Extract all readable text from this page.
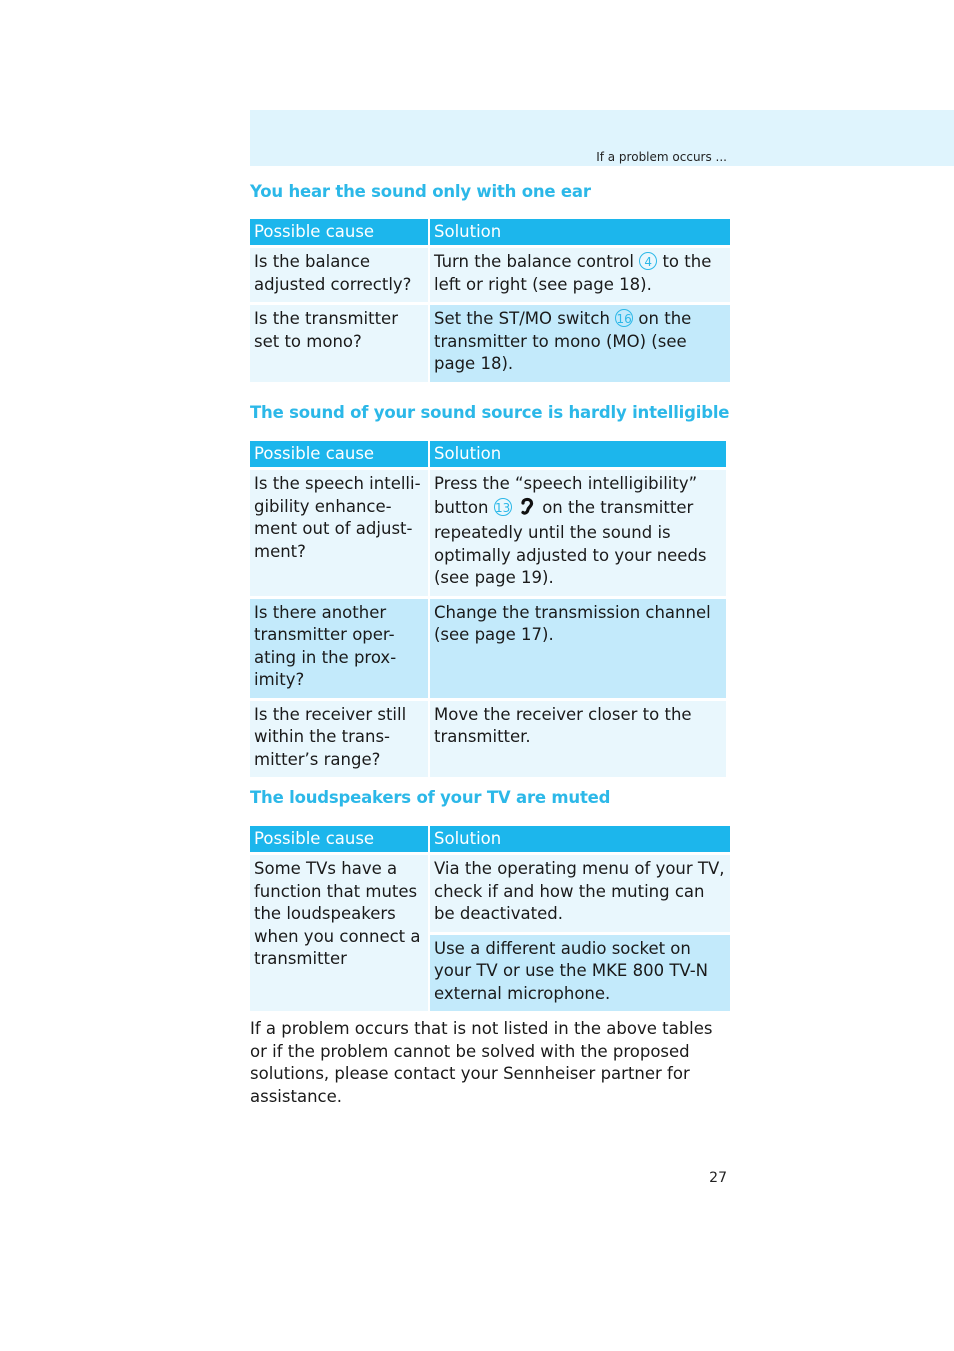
If a problem occurs ...
You hear the sound only with one ear
Possible cause	Solution
Is the balance adjusted correctly?	Turn the balance control 4 to the left or right (see page 18).
Is the transmitter set to mono?	Set the ST/MO switch 16 on the transmitter to mono (MO) (see page 18).
The sound of your sound source is hardly intelligible
Possible cause	Solution
Is the speech intelli-gibility enhance-ment out of adjust-ment?	Press the “speech intelligibility” button 13 on the transmitter repeatedly until the sound is optimally adjusted to your needs (see page 19).
Is there another transmitter oper-ating in the prox-imity?	Change the transmission channel (see page 17).
Is the receiver still within the trans-mitter’s range?	Move the receiver closer to the transmitter.
The loudspeakers of your TV are muted
Possible cause	Solution
Some TVs have a function that mutes the loudspeakers when you connect a transmitter	Via the operating menu of your TV, check if and how the muting can be deactivated.
	Use a different audio socket on your TV or use the MKE 800 TV-N external microphone.
If a problem occurs that is not listed in the above tables or if the problem cannot be solved with the proposed solutions, please contact your Sennheiser partner for assistance.
27
